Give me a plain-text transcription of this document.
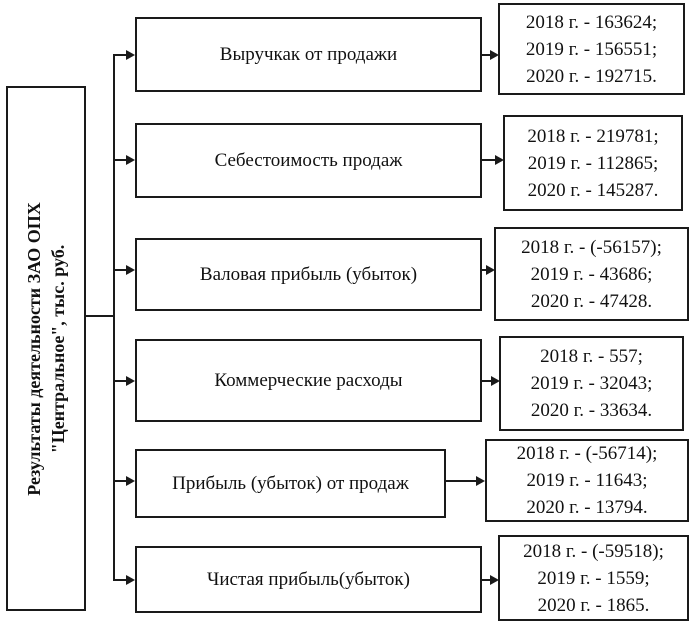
Результаты деятельности ЗАО ОПХ "Центральное", тыс. руб.
Выручкак от продажи
2018 г. - 163624;
2019 г. - 156551;
2020 г. - 192715.
Себестоимость продаж
2018 г. - 219781;
2019 г. - 112865;
2020 г. - 145287.
Валовая прибыль (убыток)
2018 г. - (-56157);
2019 г. - 43686;
2020 г. - 47428.
Коммерческие расходы
2018 г. - 557;
2019 г. - 32043;
2020 г. - 33634.
Прибыль (убыток) от продаж
2018 г. - (-56714);
2019 г. - 11643;
2020 г. - 13794.
Чистая прибыль(убыток)
2018 г. - (-59518);
2019 г. - 1559;
2020 г. - 1865.
